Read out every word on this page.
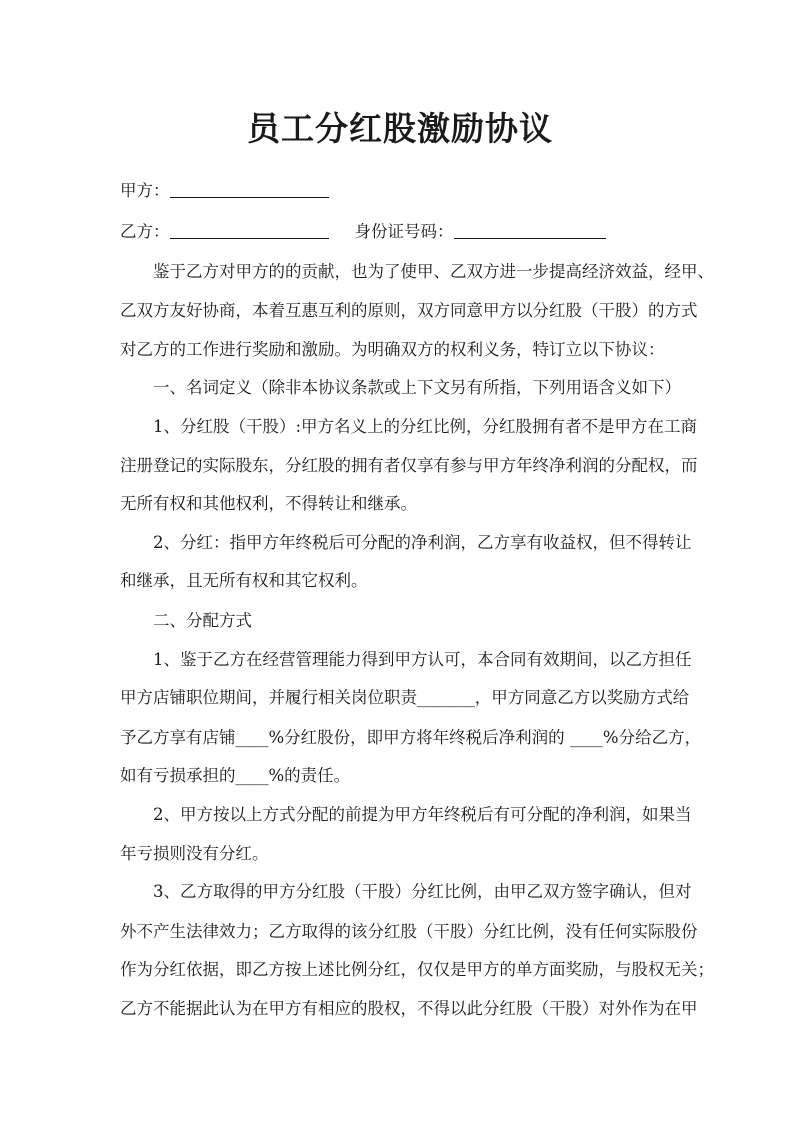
员工分红股激励协议
甲方：
乙方：	身份证号码：
鉴于乙方对甲方的的贡献，也为了使甲、乙双方进一步提高经济效益，经甲、
乙双方友好协商，本着互惠互利的原则，双方同意甲方以分红股（干股）的方式
对乙方的工作进行奖励和激励。为明确双方的权利义务，特订立以下协议：
一、名词定义（除非本协议条款或上下文另有所指，下列用语含义如下）
1、分红股（干股）:甲方名义上的分红比例，分红股拥有者不是甲方在工商
注册登记的实际股东，分红股的拥有者仅享有参与甲方年终净利润的分配权，而
无所有权和其他权利，不得转让和继承。
2、分红：指甲方年终税后可分配的净利润，乙方享有收益权，但不得转让
和继承，且无所有权和其它权利。
二、分配方式
1、鉴于乙方在经营管理能力得到甲方认可，本合同有效期间，以乙方担任
甲方店铺职位期间，并履行相关岗位职责_______，甲方同意乙方以奖励方式给
予乙方享有店铺____%分红股份，即甲方将年终税后净利润的 ____%分给乙方，
如有亏损承担的____%的责任。
2、甲方按以上方式分配的前提为甲方年终税后有可分配的净利润，如果当
年亏损则没有分红。
3、乙方取得的甲方分红股（干股）分红比例，由甲乙双方签字确认，但对
外不产生法律效力；乙方取得的该分红股（干股）分红比例，没有任何实际股份
作为分红依据，即乙方按上述比例分红，仅仅是甲方的单方面奖励，与股权无关；
乙方不能据此认为在甲方有相应的股权，不得以此分红股（干股）对外作为在甲
